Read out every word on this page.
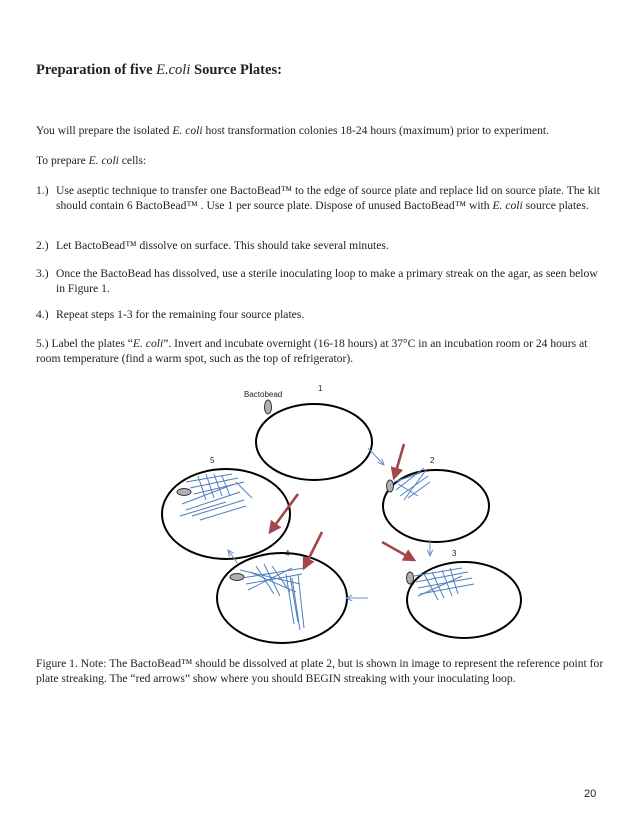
Preparation of five E.coli Source Plates:

You will prepare the isolated E. coli host transformation colonies 18-24 hours (maximum) prior to experiment.

To prepare E. coli cells:

1.) Use aseptic technique to transfer one BactoBead™ to the edge of source plate and replace lid on source plate. The kit should contain 6 BactoBead™ . Use 1 per source plate. Dispose of unused BactoBead™ with E. coli source plates.
2.) Let BactoBead™ dissolve on surface. This should take several minutes.
3.) Once the BactoBead has dissolved, use a sterile inoculating loop to make a primary streak on the agar, as seen below in Figure 1.
4.) Repeat steps 1-3 for the remaining four source plates.

5.) Label the plates “E. coli”. Invert and incubate overnight (16-18 hours) at 37°C in an incubation room or 24 hours at room temperature (find a warm spot, such as the top of refrigerator).

Bactobead
1
2
3
4
5

Figure 1. Note: The BactoBead™ should be dissolved at plate 2, but is shown in image to represent the reference point for plate streaking. The “red arrows” show where you should BEGIN streaking with your inoculating loop.

20
